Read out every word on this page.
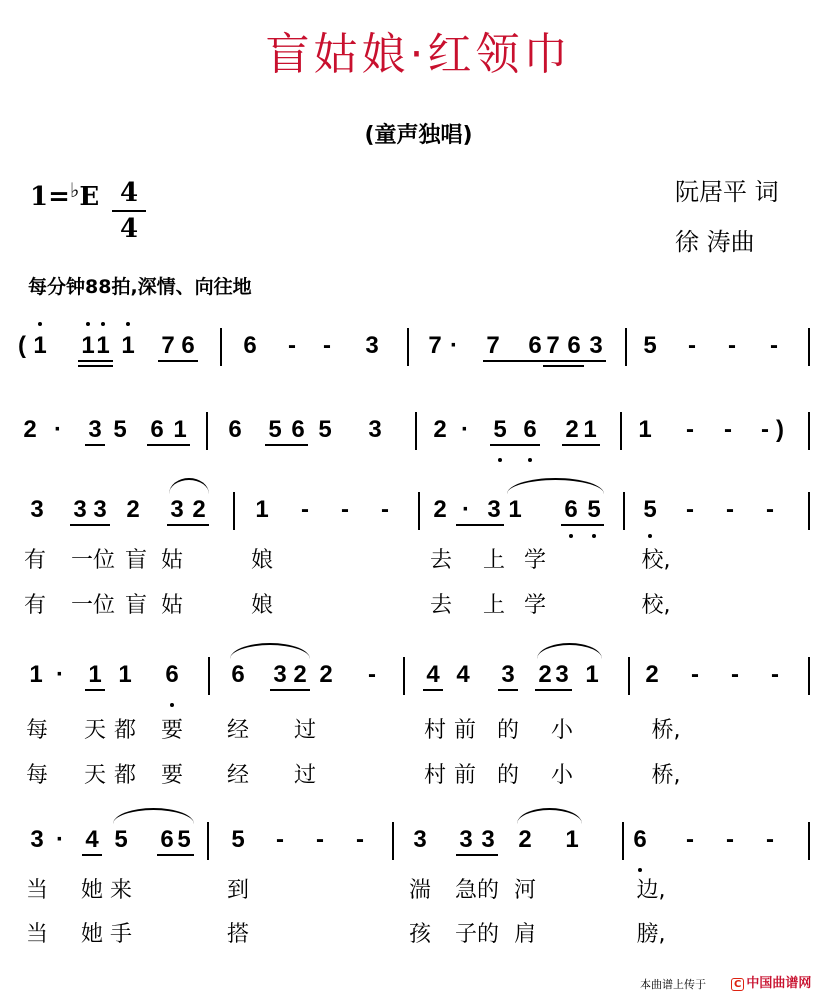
盲姑娘·红领巾
(童声独唱)
1=♭E 4
4
阮居平 词
徐 涛曲
每分钟88拍,深情、向往地
( 1 1 1 1 7 6 6 - - 3 7 · 7 6 7 6 3 5 - - -
2 · 3 5 6 1 6 5 6 5 3 2 · 5 6 2 1 1 - - - )
3 3 3 2 3 2 1 - - - 2 · 3 1 6 5 5 - - -
1 · 1 1 6 6 3 2 2 - 4 4 3 2 3 1 2 - - -
3 · 4 5 6 5 5 - - - 3 3 3 2 1 6 - - -
有 一 位 盲 姑	娘	去 上 学	校,
有 一 位 盲 姑	娘	去 上 学	校,
每 天 都 要 经 过	村 前 的 小	桥,
每 天 都 要 经 过	村 前 的 小	桥,
当 她 来	到	湍 急 的 河	边,
当 她 手	搭	孩 子 的 肩	膀,
本曲谱上传于	C 中国曲谱网
